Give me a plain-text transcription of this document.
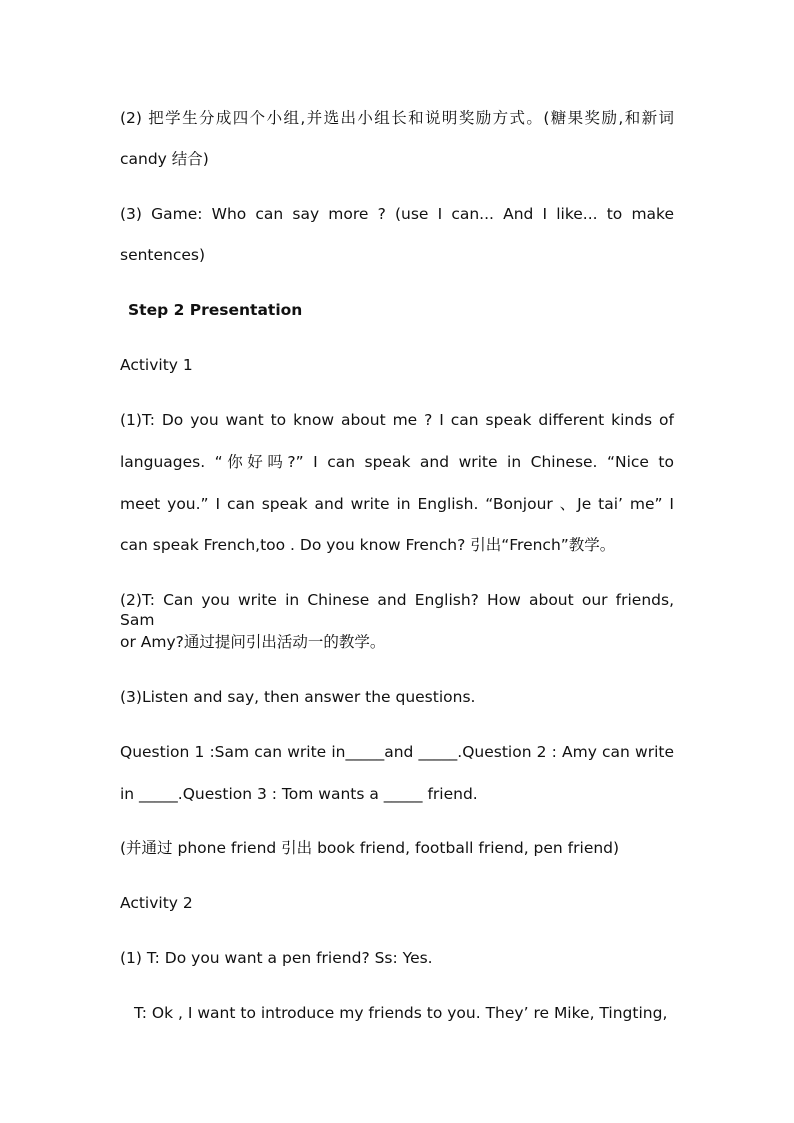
(2) 把学生分成四个小组,并选出小组长和说明奖励方式。(糖果奖励,和新词
candy 结合)
(3) Game: Who can say more ? (use I can... And I like... to make
sentences)
Step 2 Presentation
Activity 1
(1)T: Do you want to know about me ? I can speak different kinds of
languages. “你好吗?” I can speak and write in Chinese. “Nice to
meet you.” I can speak and write in English. “Bonjour 、Je tai’ me” I
can speak French,too . Do you know French? 引出“French”教学。
(2)T: Can you write in Chinese and English? How about our friends, Sam
or Amy?通过提问引出活动一的教学。
(3)Listen and say, then answer the questions.
Question 1 :Sam can write in_____and _____.Question 2 : Amy can write
in _____.Question 3 : Tom wants a _____ friend.
(并通过 phone friend 引出 book friend, football friend, pen friend)
Activity 2
(1) T: Do you want a pen friend? Ss: Yes.
T: Ok , I want to introduce my friends to you. They’ re Mike, Tingting,
